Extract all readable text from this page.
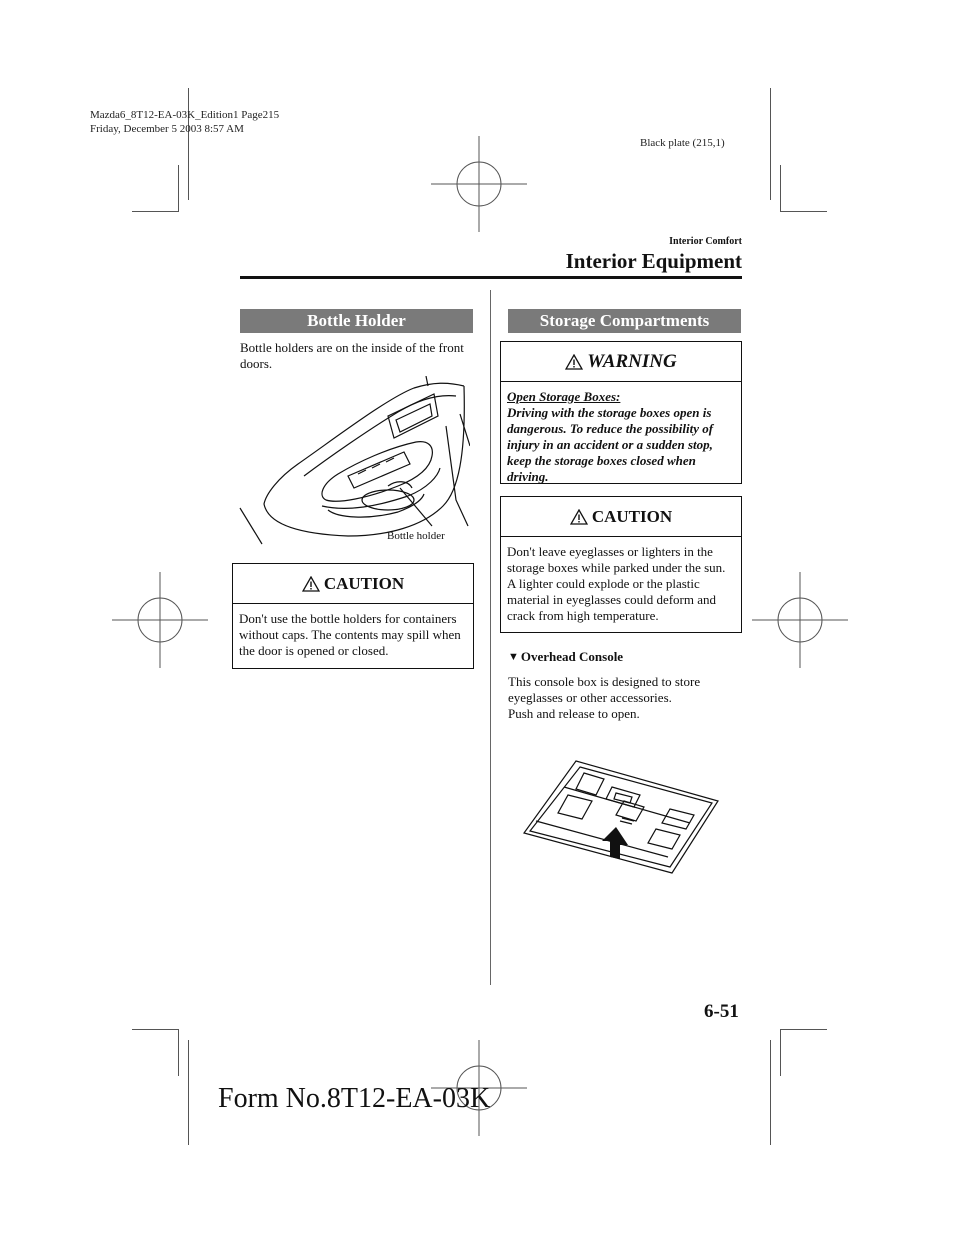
Mazda6_8T12-EA-03K_Edition1 Page215
Friday, December 5 2003 8:57 AM
Black plate (215,1)
Interior Comfort
Interior Equipment
Bottle Holder
Bottle holders are on the inside of the front doors.
Bottle holder
CAUTION
Don't use the bottle holders for containers without caps. The contents may spill when the door is opened or closed.
Storage Compartments
WARNING
Open Storage Boxes:
Driving with the storage boxes open is dangerous. To reduce the possibility of injury in an accident or a sudden stop, keep the storage boxes closed when driving.
CAUTION
Don't leave eyeglasses or lighters in the storage boxes while parked under the sun. A lighter could explode or the plastic material in eyeglasses could deform and crack from high temperature.
▼ Overhead Console
This console box is designed to store eyeglasses or other accessories.
Push and release to open.
6-51
Form No.8T12-EA-03K
